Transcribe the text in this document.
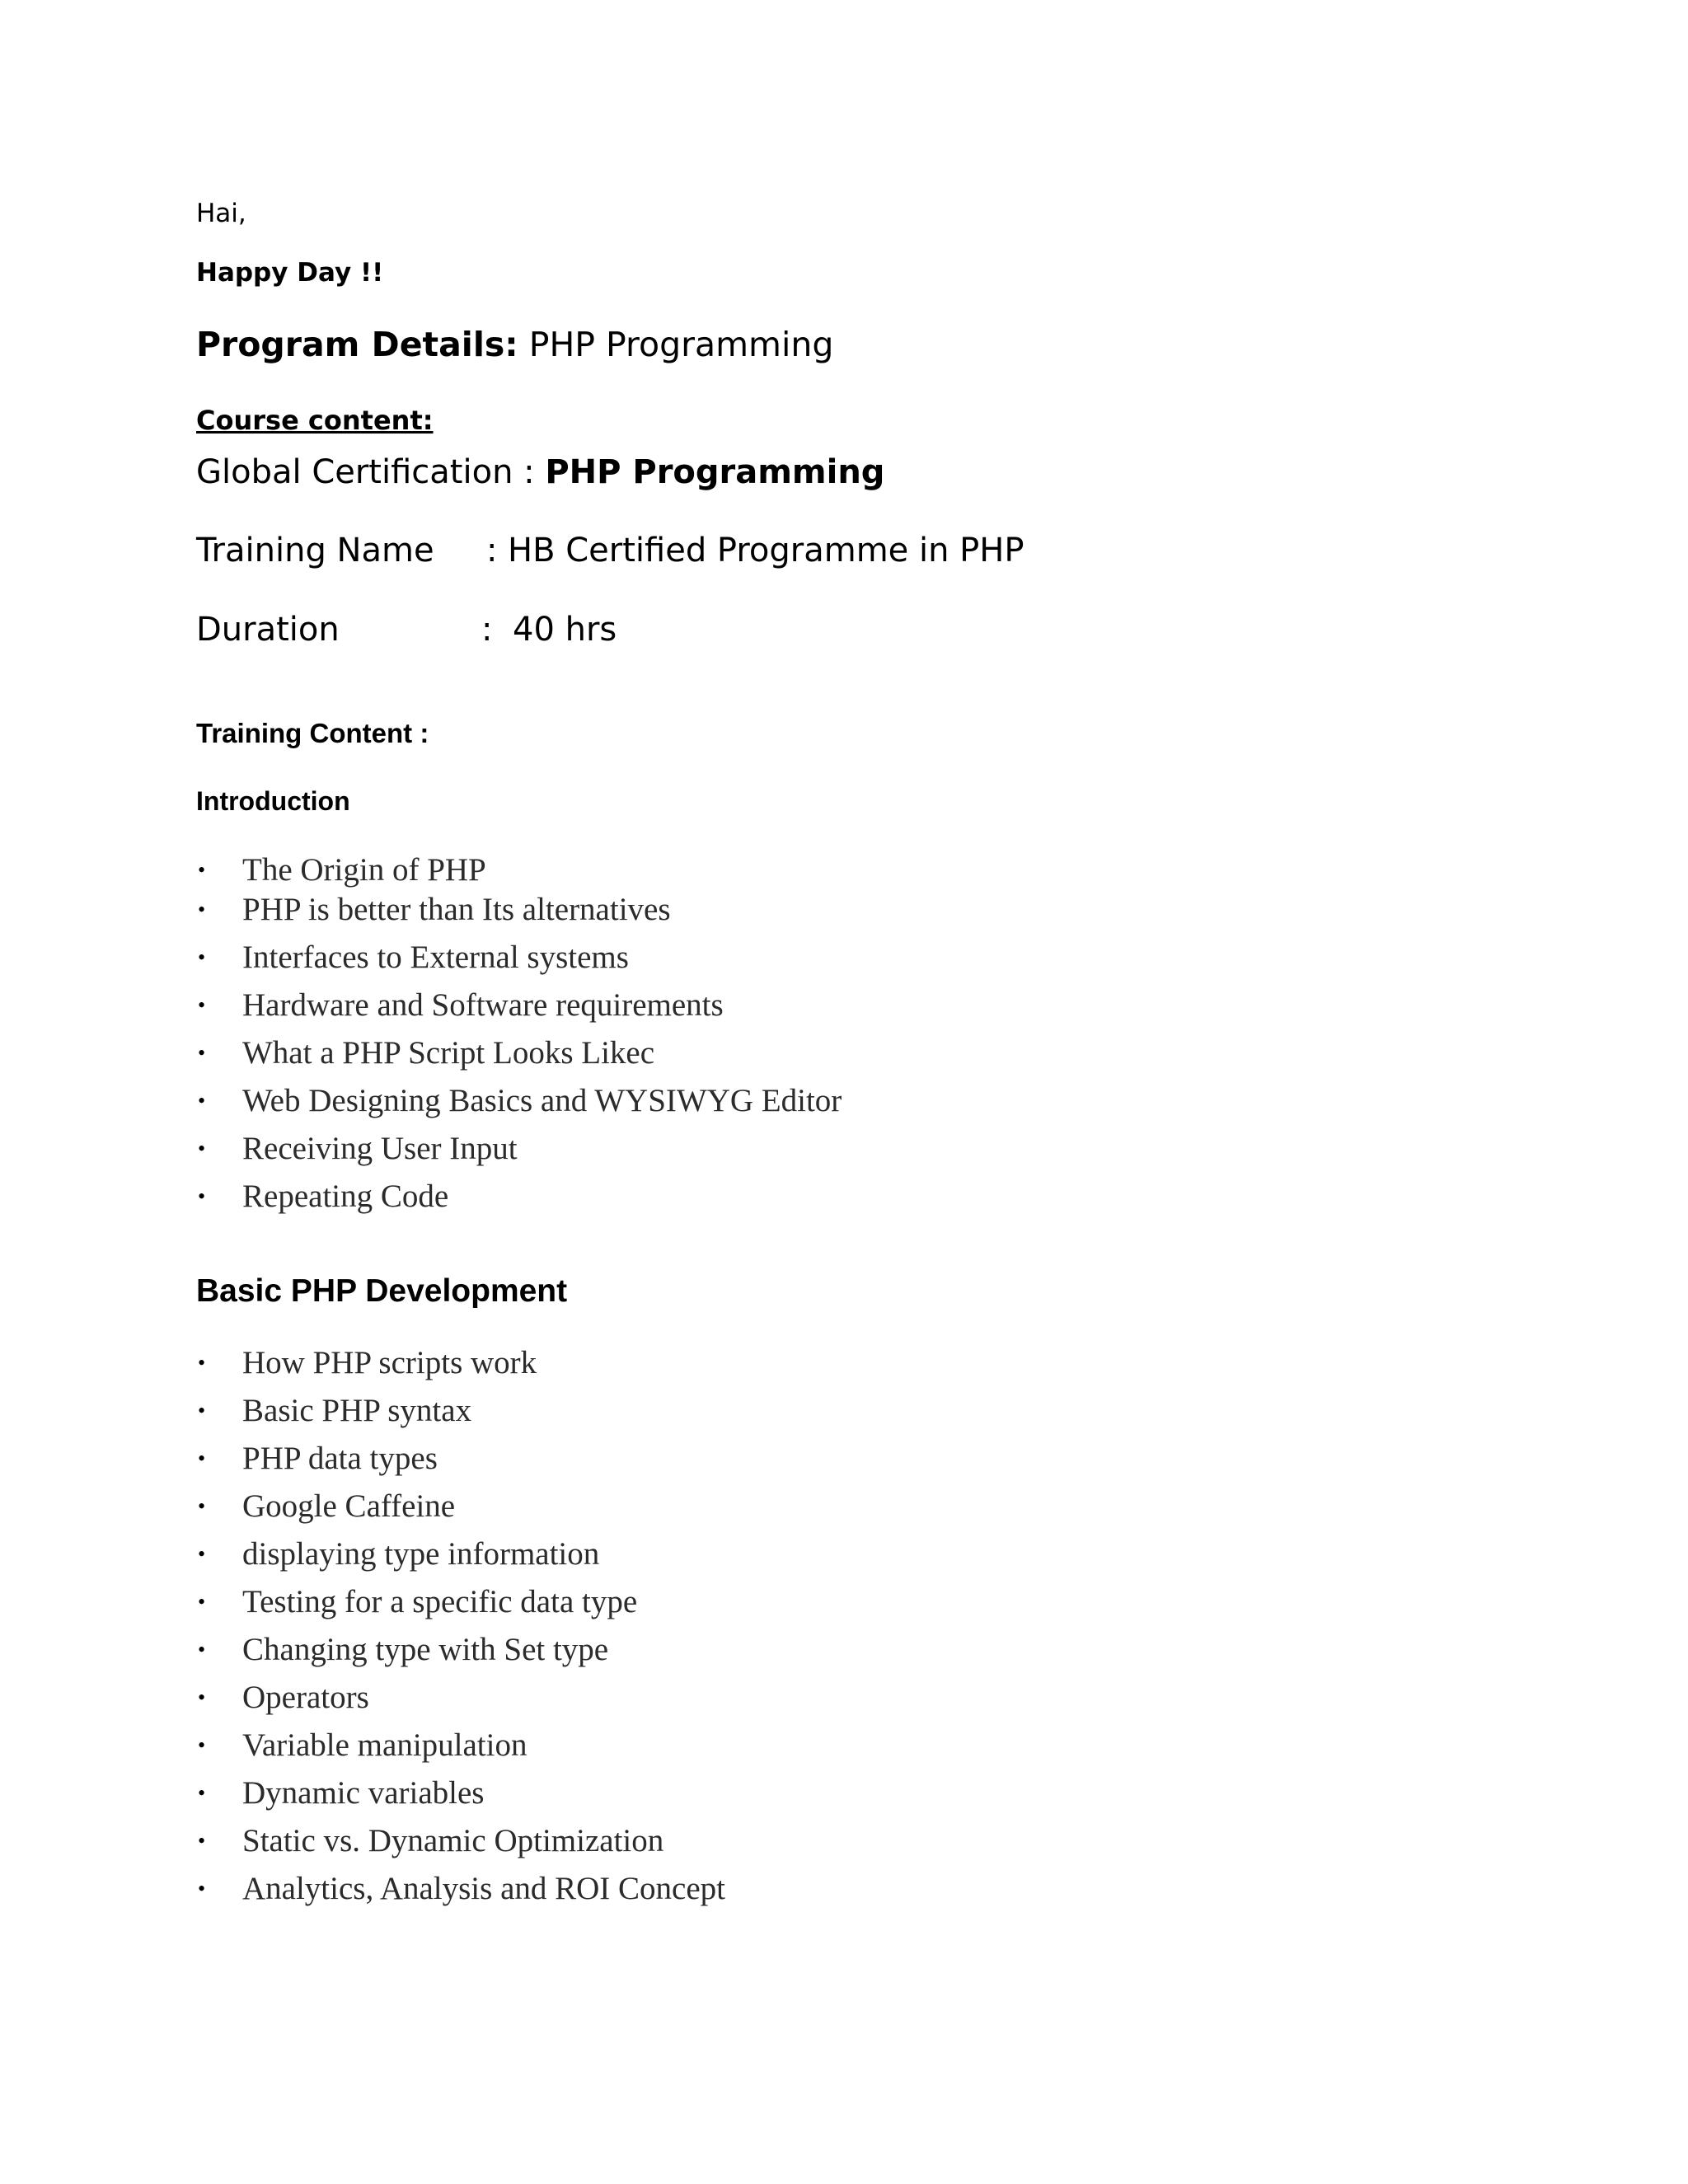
Hai,
Happy Day !!
Program Details: PHP Programming
Course content:
Global Certification : PHP Programming
Training Name : HB Certified Programme in PHP
Duration	: 40 hrs
Training Content :
Introduction
• The Origin of PHP
• PHP is better than Its alternatives
• Interfaces to External systems
• Hardware and Software requirements
• What a PHP Script Looks Likec
• Web Designing Basics and WYSIWYG Editor
• Receiving User Input
• Repeating Code
Basic PHP Development
• How PHP scripts work
• Basic PHP syntax
• PHP data types
• Google Caffeine
• displaying type information
• Testing for a specific data type
• Changing type with Set type
• Operators
• Variable manipulation
• Dynamic variables
• Static vs. Dynamic Optimization
• Analytics, Analysis and ROI Concept
